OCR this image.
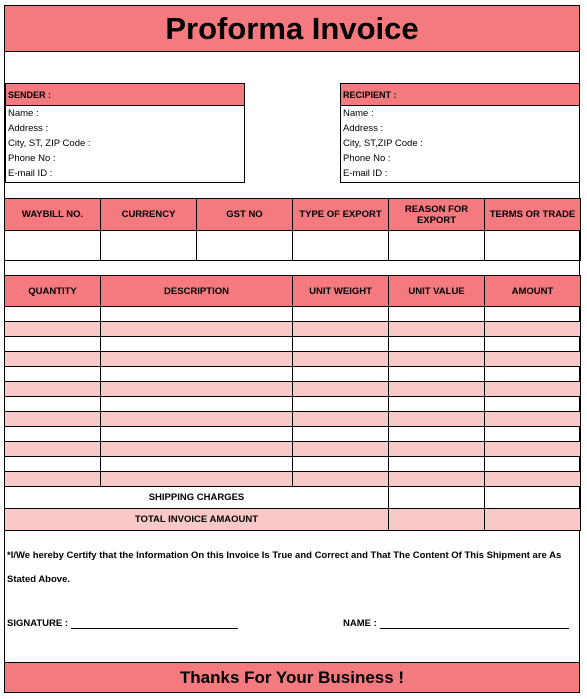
Proforma Invoice
SENDER :
Name :
Address :
City, ST, ZIP Code :
Phone No :
E-mail ID :
RECIPIENT :
Name :
Address :
City, ST,ZIP Code :
Phone No :
E-mail ID :
WAYBILL NO.	CURRENCY	GST NO	TYPE OF EXPORT	REASON FOR EXPORT	TERMS OR TRADE

QUANTITY	DESCRIPTION	UNIT WEIGHT	UNIT VALUE	AMOUNT

SHIPPING CHARGES				
TOTAL INVOICE AMAOUNT				
*I/We hereby Certify that the Information On this Invoice Is True and Correct and That The Content Of This Shipment are As Stated Above.
SIGNATURE :	NAME :
Thanks For Your Business !
